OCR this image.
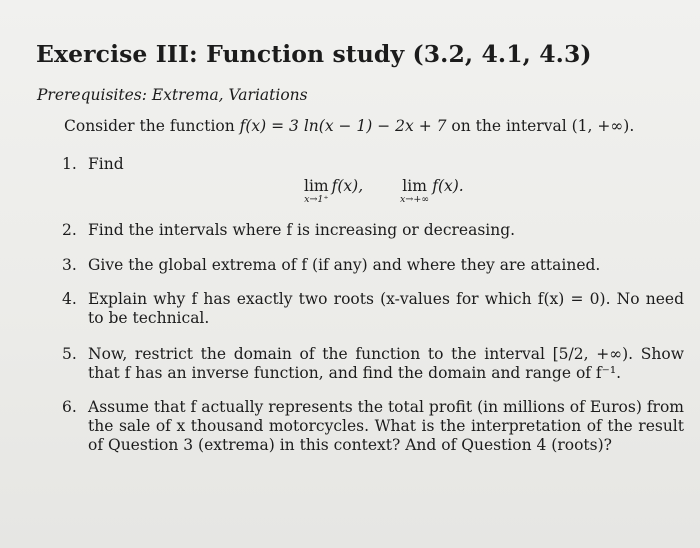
Exercise III: Function study (3.2, 4.1, 4.3)

Prerequisites: Extrema, Variations

Consider the function f(x) = 3 ln(x − 1) − 2x + 7 on the interval (1, +∞).

1. Find
lim
x→1⁺
f(x),	lim
x→+∞
f(x).
2. Find the intervals where f is increasing or decreasing.
3. Give the global extrema of f (if any) and where they are attained.
4. Explain why f has exactly two roots (x-values for which f(x) = 0). No need to be technical.
5. Now, restrict the domain of the function to the interval [5/2, +∞). Show that f has an inverse function, and find the domain and range of f⁻¹.
6. Assume that f actually represents the total profit (in millions of Euros) from the sale of x thousand motorcycles. What is the interpretation of the result of Question 3 (extrema) in this context? And of Question 4 (roots)?
